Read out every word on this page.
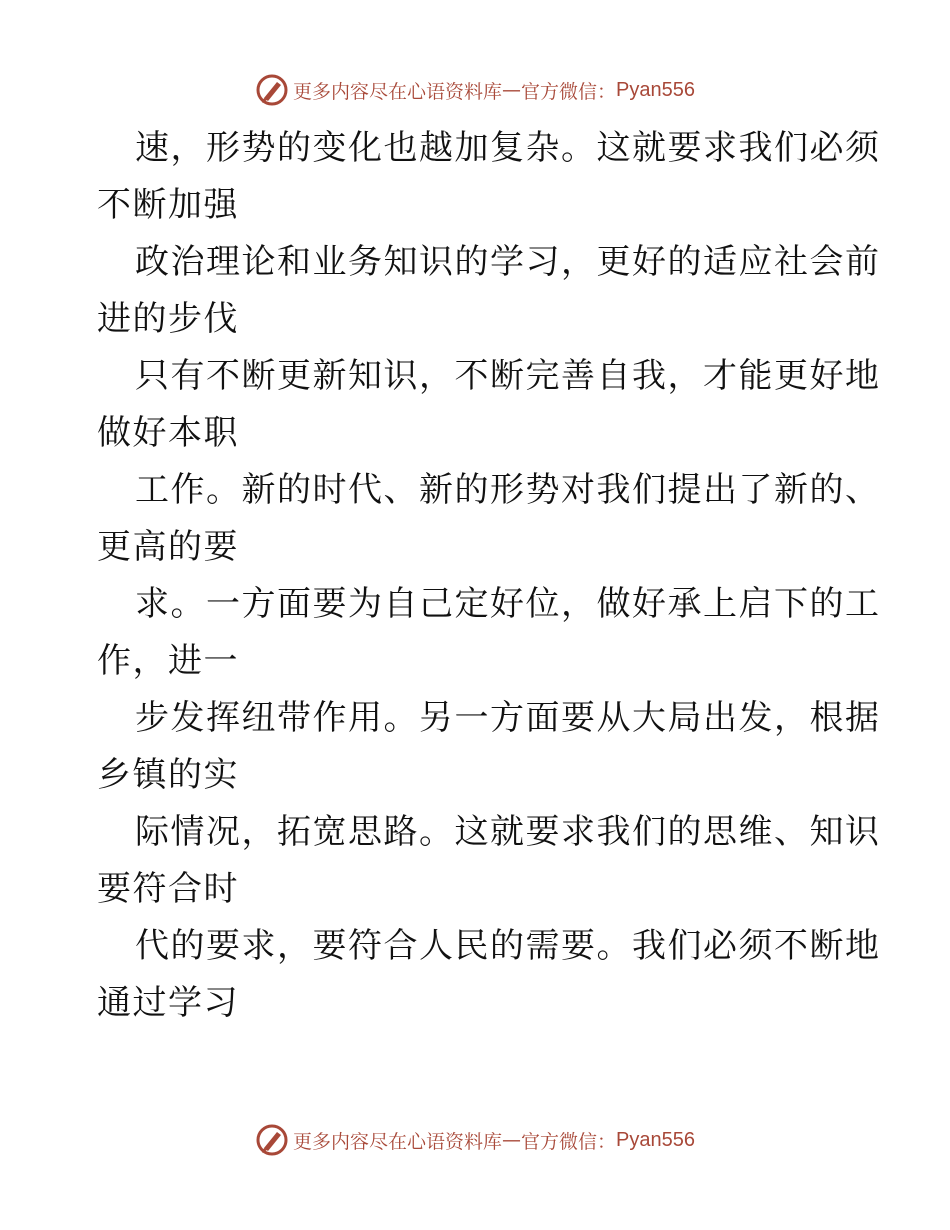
更多内容尽在心语资料库 — 官方微信： Pyan556

速，形势的变化也越加复杂。这就要求我们必须
不断加强

政治理论和业务知识的学习，更好的适应社会前
进的步伐

只有不断更新知识，不断完善自我，才能更好地
做好本职

工作。新的时代、新的形势对我们提出了新的、
更高的要

求。一方面要为自己定好位，做好承上启下的工
作，进一

步发挥纽带作用。另一方面要从大局出发，根据
乡镇的实

际情况，拓宽思路。这就要求我们的思维、知识
要符合时

代的要求，要符合人民的需要。我们必须不断地
通过学习

更多内容尽在心语资料库 — 官方微信： Pyan556
